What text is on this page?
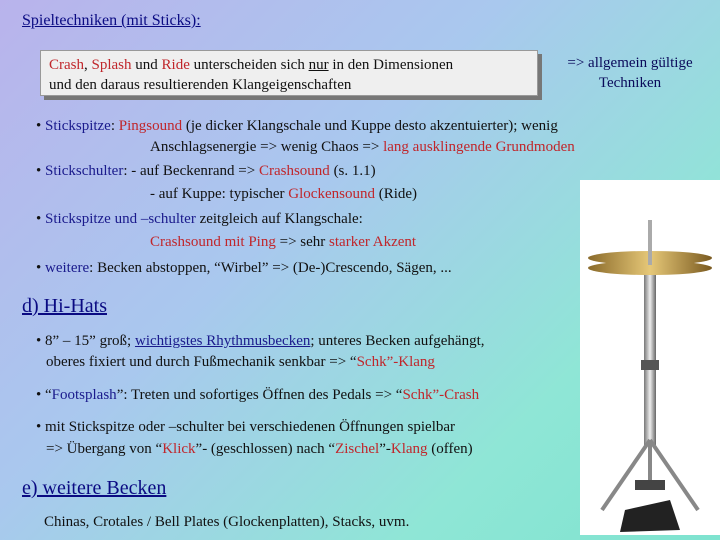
Spieltechniken (mit Sticks):
Crash, Splash und Ride unterscheiden sich nur in den Dimensionen
und den daraus resultierenden Klangeigenschaften
=> allgemein gültige
Techniken
• Stickspitze: Pingsound (je dicker Klangschale und Kuppe desto akzentuierter); wenig
Anschlagsenergie => wenig Chaos => lang ausklingende Grundmoden
• Stickschulter: - auf Beckenrand => Crashsound (s. 1.1)
- auf Kuppe: typischer Glockensound (Ride)
• Stickspitze und –schulter zeitgleich auf Klangschale:
Crashsound mit Ping => sehr starker Akzent
• weitere: Becken abstoppen, “Wirbel” => (De-)Crescendo, Sägen, ...
d) Hi-Hats
• 8” – 15” groß; wichtigstes Rhythmusbecken; unteres Becken aufgehängt,
oberes fixiert und durch Fußmechanik senkbar => “Schk”-Klang
• “Footsplash”: Treten und sofortiges Öffnen des Pedals => “Schk”-Crash
• mit Stickspitze oder –schulter bei verschiedenen Öffnungen spielbar
=> Übergang von “Klick”- (geschlossen) nach “Zischel”-Klang (offen)
e) weitere Becken
Chinas, Crotales / Bell Plates (Glockenplatten), Stacks, uvm.
